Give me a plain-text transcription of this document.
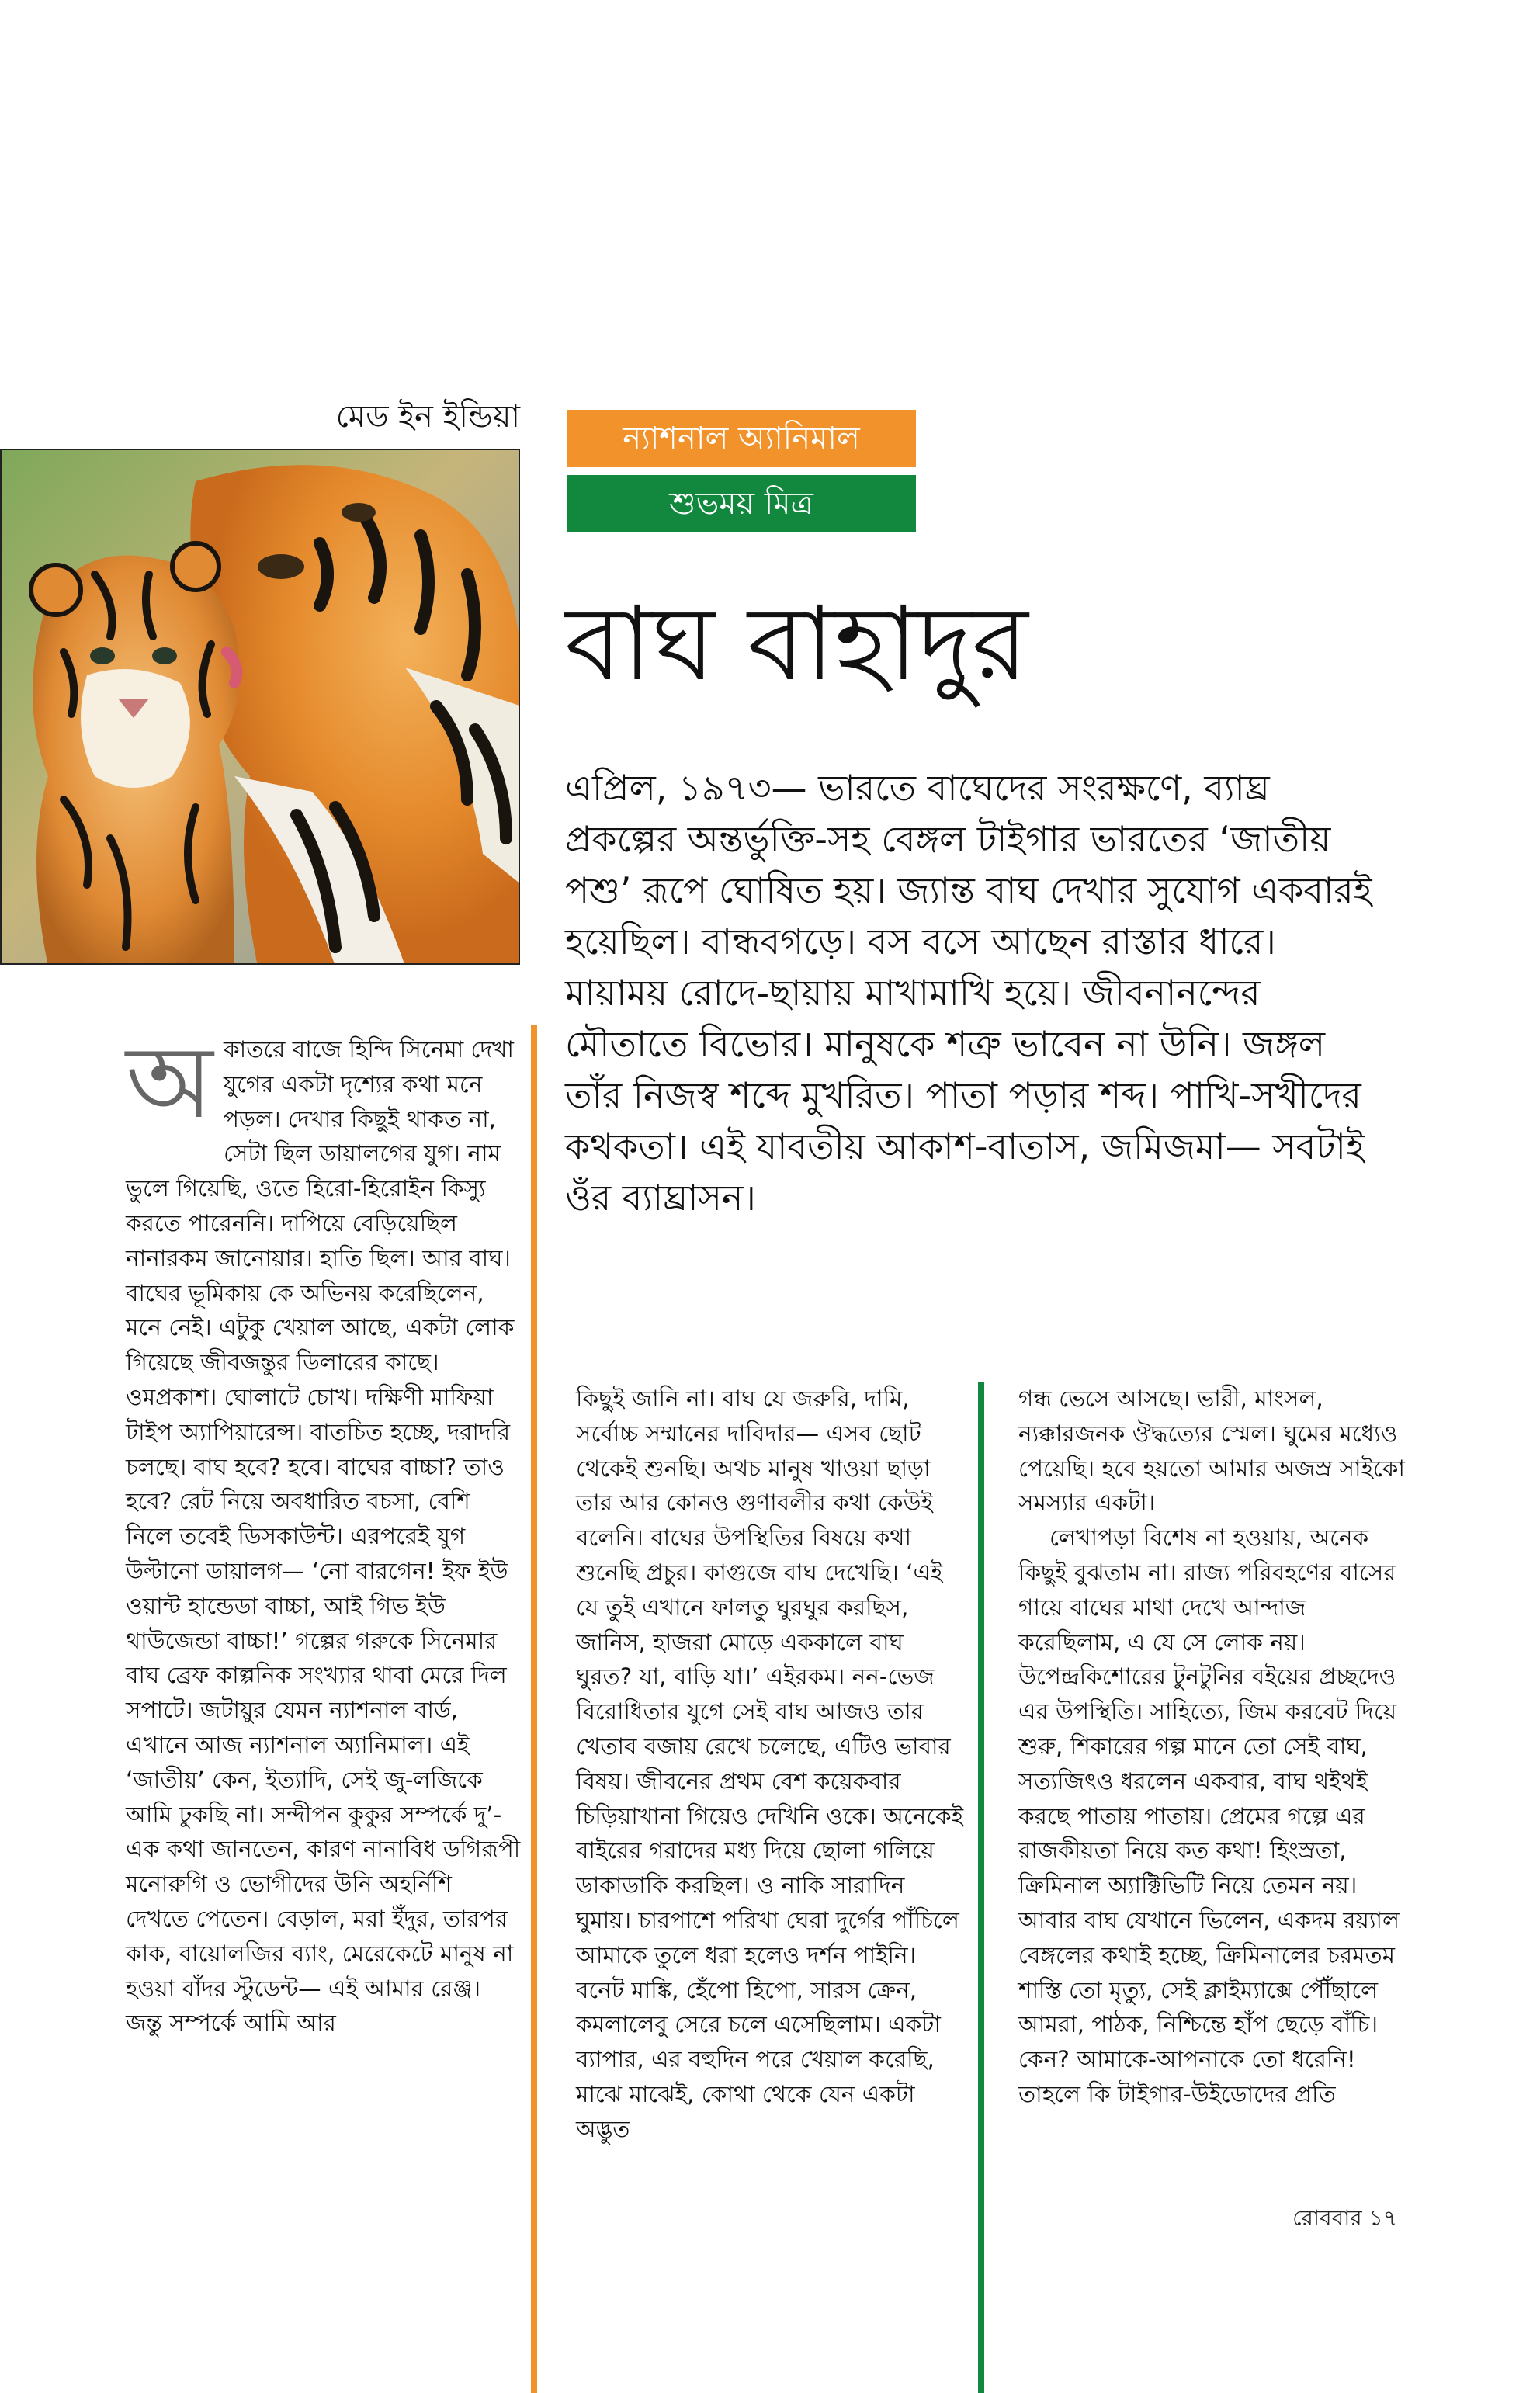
মেড ইন ইন্ডিয়া
ন্যাশনাল অ্যানিমাল
শুভময় মিত্র
বাঘ বাহাদুর

এপ্রিল, ১৯৭৩— ভারতে বাঘেদের সংরক্ষণে, ব্যাঘ্র প্রকল্পের অন্তর্ভুক্তি-সহ বেঙ্গল টাইগার ভারতের ‘জাতীয় পশু’ রূপে ঘোষিত হয়। জ্যান্ত বাঘ দেখার সুযোগ একবারই হয়েছিল। বান্ধবগড়ে। বস বসে আছেন রাস্তার ধারে। মায়াময় রোদে-ছায়ায় মাখামাখি হয়ে। জীবনানন্দের মৌতাতে বিভোর। মানুষকে শত্রু ভাবেন না উনি। জঙ্গল তাঁর নিজস্ব শব্দে মুখরিত। পাতা পড়ার শব্দ। পাখি-সখীদের কথকতা। এই যাবতীয় আকাশ-বাতাস, জমিজমা— সবটাই ওঁর ব্যাঘ্রাসন।

অ কাতরে বাজে হিন্দি সিনেমা দেখা যুগের একটা দৃশ্যের কথা মনে পড়ল। দেখার কিছুই থাকত না, সেটা ছিল ডায়ালগের যুগ। নাম ভুলে গিয়েছি, ওতে হিরো-হিরোইন কিস্যু করতে পারেননি। দাপিয়ে বেড়িয়েছিল নানারকম জানোয়ার। হাতি ছিল। আর বাঘ। বাঘের ভূমিকায় কে অভিনয় করেছিলেন, মনে নেই। এটুকু খেয়াল আছে, একটা লোক গিয়েছে জীবজন্তুর ডিলারের কাছে। ওমপ্রকাশ। ঘোলাটে চোখ। দক্ষিণী মাফিয়া টাইপ অ্যাপিয়ারেন্স। বাতচিত হচ্ছে, দরাদরি চলছে। বাঘ হবে? হবে। বাঘের বাচ্চা? তাও হবে? রেট নিয়ে অবধারিত বচসা, বেশি নিলে তবেই ডিসকাউন্ট। এরপরেই যুগ উল্টানো ডায়ালগ— ‘নো বারগেন! ইফ ইউ ওয়ান্ট হান্ডেডা বাচ্চা, আই গিভ ইউ থাউজেন্ডা বাচ্চা!’ গল্পের গরুকে সিনেমার বাঘ ব্রেফ কাল্পনিক সংখ্যার থাবা মেরে দিল সপাটে। জটায়ুর যেমন ন্যাশনাল বার্ড, এখানে আজ ন্যাশনাল অ্যানিমাল। এই ‘জাতীয়’ কেন, ইত্যাদি, সেই জু-লজিকে আমি ঢুকছি না। সন্দীপন কুকুর সম্পর্কে দু’-এক কথা জানতেন, কারণ নানাবিধ ডগিরূপী মনোরুগি ও ভোগীদের উনি অহর্নিশি দেখতে পেতেন। বেড়াল, মরা ইঁদুর, তারপর কাক, বায়োলজির ব্যাং, মেরেকেটে মানুষ না হওয়া বাঁদর স্টুডেন্ট— এই আমার রেঞ্জ। জন্তু সম্পর্কে আমি আর

কিছুই জানি না। বাঘ যে জরুরি, দামি, সর্বোচ্চ সম্মানের দাবিদার— এসব ছোট থেকেই শুনছি। অথচ মানুষ খাওয়া ছাড়া তার আর কোনও গুণাবলীর কথা কেউই বলেনি। বাঘের উপস্থিতির বিষয়ে কথা শুনেছি প্রচুর। কাগুজে বাঘ দেখেছি। ‘এই যে তুই এখানে ফালতু ঘুরঘুর করছিস, জানিস, হাজরা মোড়ে এককালে বাঘ ঘুরত? যা, বাড়ি যা।’ এইরকম। নন-ভেজ বিরোধিতার যুগে সেই বাঘ আজও তার খেতাব বজায় রেখে চলেছে, এটিও ভাবার বিষয়। জীবনের প্রথম বেশ কয়েকবার চিড়িয়াখানা গিয়েও দেখিনি ওকে। অনেকেই বাইরের গরাদের মধ্য দিয়ে ছোলা গলিয়ে ডাকাডাকি করছিল। ও নাকি সারাদিন ঘুমায়। চারপাশে পরিখা ঘেরা দুর্গের পাঁচিলে আমাকে তুলে ধরা হলেও দর্শন পাইনি। বনেট মাঙ্কি, হেঁপো হিপো, সারস ক্রেন, কমলালেবু সেরে চলে এসেছিলাম। একটা ব্যাপার, এর বহুদিন পরে খেয়াল করেছি, মাঝে মাঝেই, কোথা থেকে যেন একটা অদ্ভুত

গন্ধ ভেসে আসছে। ভারী, মাংসল, ন্যক্কারজনক ঔদ্ধত্যের স্মেল। ঘুমের মধ্যেও পেয়েছি। হবে হয়তো আমার অজস্র সাইকো সমস্যার একটা।

লেখাপড়া বিশেষ না হওয়ায়, অনেক কিছুই বুঝতাম না। রাজ্য পরিবহণের বাসের গায়ে বাঘের মাথা দেখে আন্দাজ করেছিলাম, এ যে সে লোক নয়। উপেন্দ্রকিশোরের টুনটুনির বইয়ের প্রচ্ছদেও এর উপস্থিতি। সাহিত্যে, জিম করবেট দিয়ে শুরু, শিকারের গল্প মানে তো সেই বাঘ, সত্যজিৎও ধরলেন একবার, বাঘ থইথই করছে পাতায় পাতায়। প্রেমের গল্পে এর রাজকীয়তা নিয়ে কত কথা! হিংস্রতা, ক্রিমিনাল অ্যাক্টিভিটি নিয়ে তেমন নয়। আবার বাঘ যেখানে ভিলেন, একদম রয়্যাল বেঙ্গলের কথাই হচ্ছে, ক্রিমিনালের চরমতম শাস্তি তো মৃত্যু, সেই ক্লাইম্যাক্সে পৌঁছালে আমরা, পাঠক, নিশ্চিন্তে হাঁপ ছেড়ে বাঁচি। কেন? আমাকে-আপনাকে তো ধরেনি! তাহলে কি টাইগার-উইডোদের প্রতি

রোববার ১৭
